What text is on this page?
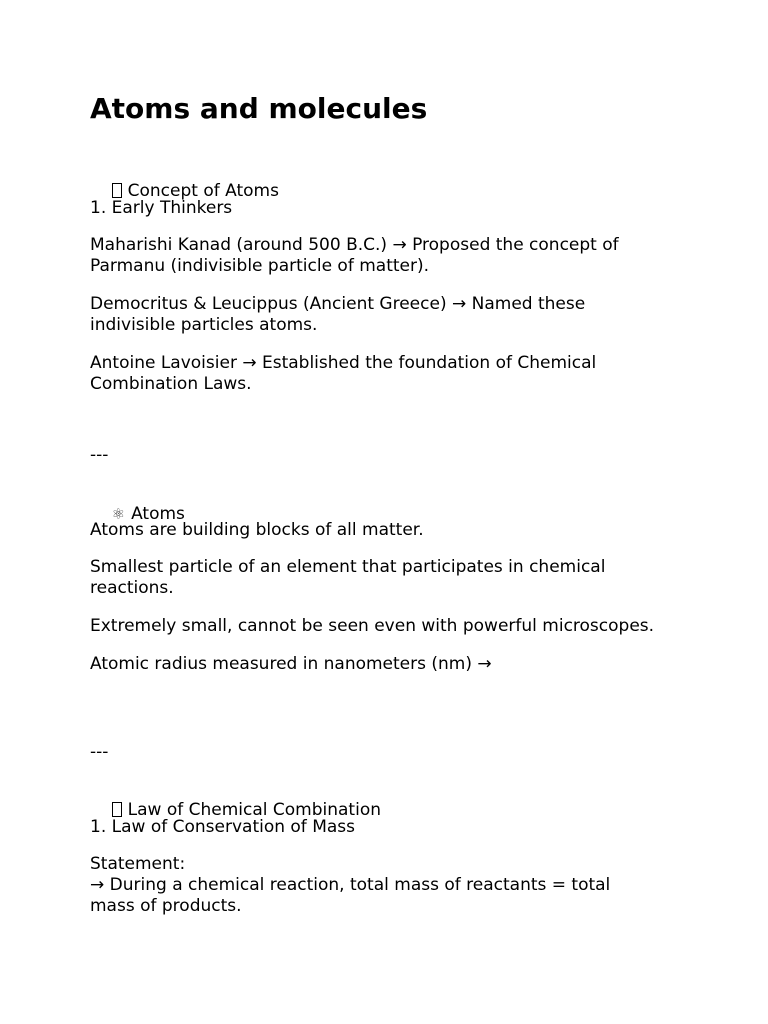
Atoms and molecules

Concept of Atoms

1. Early Thinkers

Maharishi Kanad (around 500 B.C.) → Proposed the concept of
Parmanu (indivisible particle of matter).

Democritus & Leucippus (Ancient Greece) → Named these
indivisible particles atoms.

Antoine Lavoisier → Established the foundation of Chemical
Combination Laws.

---

⚛ Atoms

Atoms are building blocks of all matter.

Smallest particle of an element that participates in chemical
reactions.

Extremely small, cannot be seen even with powerful microscopes.

Atomic radius measured in nanometers (nm) →

---

Law of Chemical Combination

1. Law of Conservation of Mass

Statement:
→ During a chemical reaction, total mass of reactants = total
mass of products.
